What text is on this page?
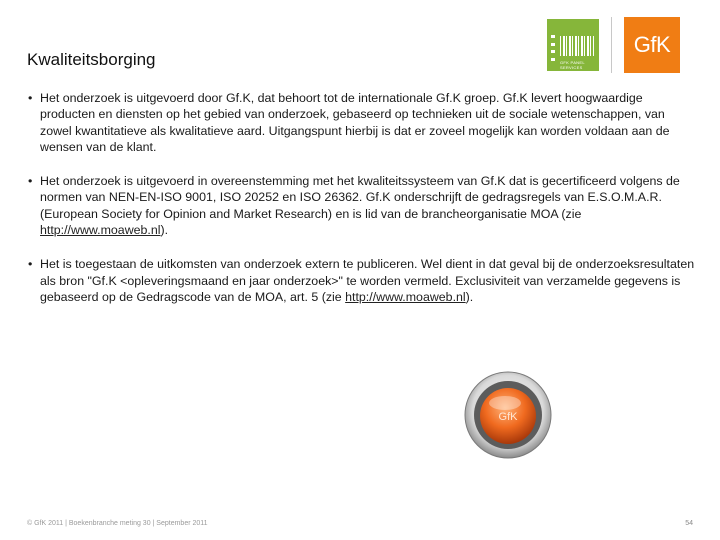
Kwaliteitsborging	GFK PANEL SERVICES
GfK
• Het onderzoek is uitgevoerd door Gf.K, dat behoort tot de internationale Gf.K groep. Gf.K levert hoogwaardige producten en diensten op het gebied van onderzoek, gebaseerd op technieken uit de sociale wetenschappen, van zowel kwantitatieve als kwalitatieve aard. Uitgangspunt hierbij is dat er zoveel mogelijk kan worden voldaan aan de wensen van de klant.
• Het onderzoek is uitgevoerd in overeenstemming met het kwaliteitssysteem van Gf.K dat is gecertificeerd volgens de normen van NEN-EN-ISO 9001, ISO 20252 en ISO 26362. Gf.K onderschrijft de gedragsregels van E.S.O.M.A.R. (European Society for Opinion and Market Research) en is lid van de brancheorganisatie MOA (zie http://www.moaweb.nl).
• Het is toegestaan de uitkomsten van onderzoek extern te publiceren. Wel dient in dat geval bij de onderzoeksresultaten als bron "Gf.K <opleveringsmaand en jaar onderzoek>" te worden vermeld. Exclusiviteit van verzamelde gegevens is gebaseerd op de Gedragscode van de MOA, art. 5 (zie http://www.moaweb.nl).
GfK
© GfK 2011 | Boekenbranche meting 30 | September 2011	54
